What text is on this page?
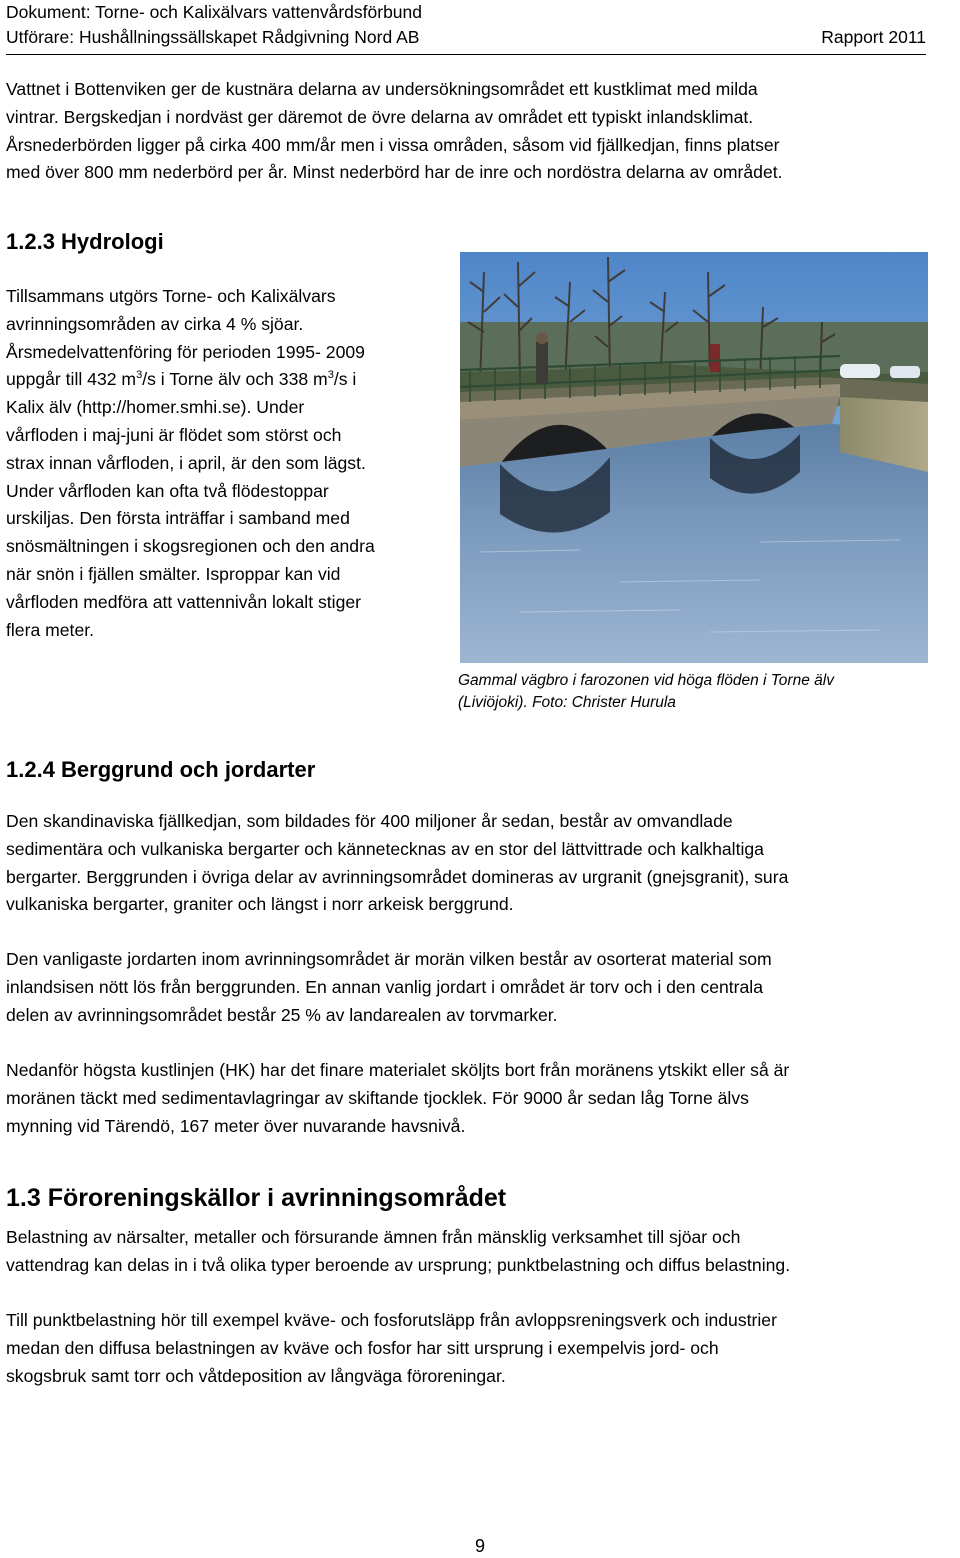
Dokument: Torne- och Kalixälvars vattenvårdsförbund
Utförare: Hushållningssällskapet Rådgivning Nord AB	Rapport 2011
Vattnet i Bottenviken ger de kustnära delarna av undersökningsområdet ett kustklimat med milda
vintrar. Bergskedjan i nordväst ger däremot de övre delarna av området ett typiskt inlandsklimat.
Årsnederbörden ligger på cirka 400 mm/år men i vissa områden, såsom vid fjällkedjan, finns platser
med över 800 mm nederbörd per år. Minst nederbörd har de inre och nordöstra delarna av området.
1.2.3 Hydrologi
Tillsammans utgörs Torne- och Kalixälvars
avrinningsområden av cirka 4 % sjöar.
Årsmedelvattenföring för perioden 1995- 2009
uppgår till 432 $m^3/s$ i Torne älv och 338 $m^3/s$ i
Kalix älv (http://homer.smhi.se). Under
vårfloden i maj-juni är flödet som störst och
strax innan vårfloden, i april, är den som lägst.
Under vårfloden kan ofta två flödestoppar
urskiljas. Den första inträffar i samband med
snösmältningen i skogsregionen och den andra
när snön i fjällen smälter. Isproppar kan vid
vårfloden medföra att vattennivån lokalt stiger
flera meter.
Gammal vägbro i farozonen vid höga flöden i Torne älv
(Liviöjoki). Foto: Christer Hurula
1.2.4 Berggrund och jordarter
Den skandinaviska fjällkedjan, som bildades för 400 miljoner år sedan, består av omvandlade
sedimentära och vulkaniska bergarter och kännetecknas av en stor del lättvittrade och kalkhaltiga
bergarter. Berggrunden i övriga delar av avrinningsområdet domineras av urgranit (gnejsgranit), sura
vulkaniska bergarter, graniter och längst i norr arkeisk berggrund.
Den vanligaste jordarten inom avrinningsområdet är morän vilken består av osorterat material som
inlandsisen nött lös från berggrunden. En annan vanlig jordart i området är torv och i den centrala
delen av avrinningsområdet består 25 % av landarealen av torvmarker.
Nedanför högsta kustlinjen (HK) har det finare materialet sköljts bort från moränens ytskikt eller så är
moränen täckt med sedimentavlagringar av skiftande tjocklek. För 9000 år sedan låg Torne älvs
mynning vid Tärendö, 167 meter över nuvarande havsnivå.
1.3 Föroreningskällor i avrinningsområdet
Belastning av närsalter, metaller och försurande ämnen från mänsklig verksamhet till sjöar och
vattendrag kan delas in i två olika typer beroende av ursprung; punktbelastning och diffus belastning.
Till punktbelastning hör till exempel kväve- och fosforutsläpp från avloppsreningsverk och industrier
medan den diffusa belastningen av kväve och fosfor har sitt ursprung i exempelvis jord- och
skogsbruk samt torr och våtdeposition av långväga föroreningar.
9
